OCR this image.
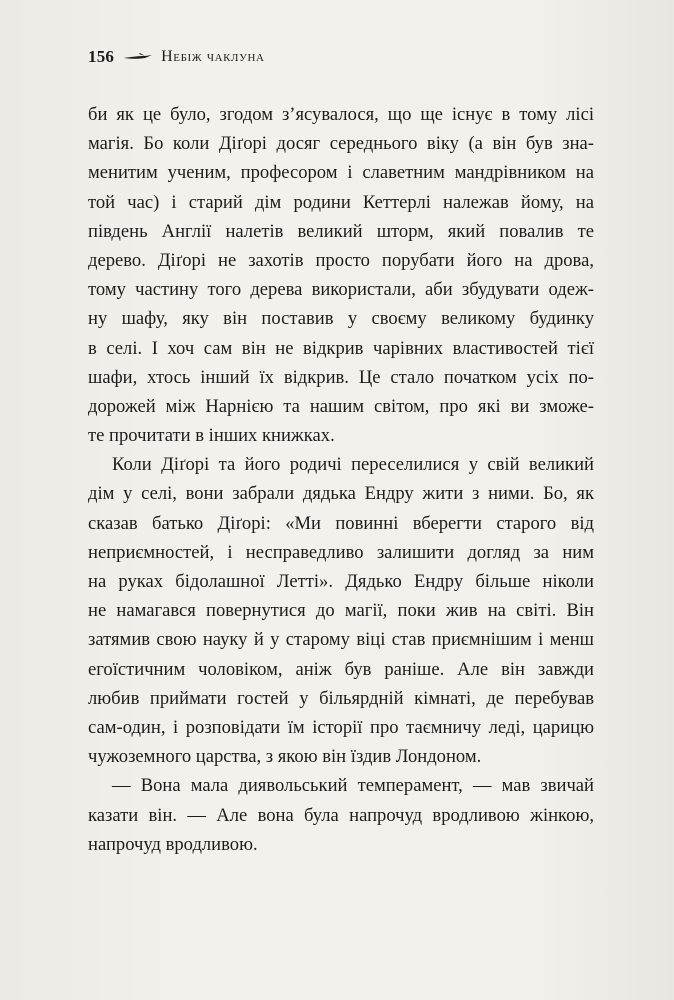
156	Небіж чаклуна

би як це було, згодом з’ясувалося, що ще існує в тому лісі
магія. Бо коли Діґорі досяг середнього віку (а він був зна-
менитим ученим, професором і славетним мандрівником на
той час) і старий дім родини Кеттерлі належав йому, на
південь Англії налетів великий шторм, який повалив те
дерево. Діґорі не захотів просто порубати його на дрова,
тому частину того дерева використали, аби збудувати одеж-
ну шафу, яку він поставив у своєму великому будинку
в селі. І хоч сам він не відкрив чарівних властивостей тієї
шафи, хтось інший їх відкрив. Це стало початком усіх по-
дорожей між Нарнією та нашим світом, про які ви зможе-
те прочитати в інших книжках.

Коли Діґорі та його родичі переселилися у свій великий
дім у селі, вони забрали дядька Ендру жити з ними. Бо, як
сказав батько Діґорі: «Ми повинні вберегти старого від
неприємностей, і несправедливо залишити догляд за ним
на руках бідолашної Летті». Дядько Ендру більше ніколи
не намагався повернутися до магії, поки жив на світі. Він
затямив свою науку й у старому віці став приємнішим і менш
егоїстичним чоловіком, аніж був раніше. Але він завжди
любив приймати гостей у більярдній кімнаті, де перебував
сам-один, і розповідати їм історії про таємничу леді, царицю
чужоземного царства, з якою він їздив Лондоном.

— Вона мала диявольський темперамент, — мав звичай
казати він. — Але вона була напрочуд вродливою жінкою,
напрочуд вродливою.
